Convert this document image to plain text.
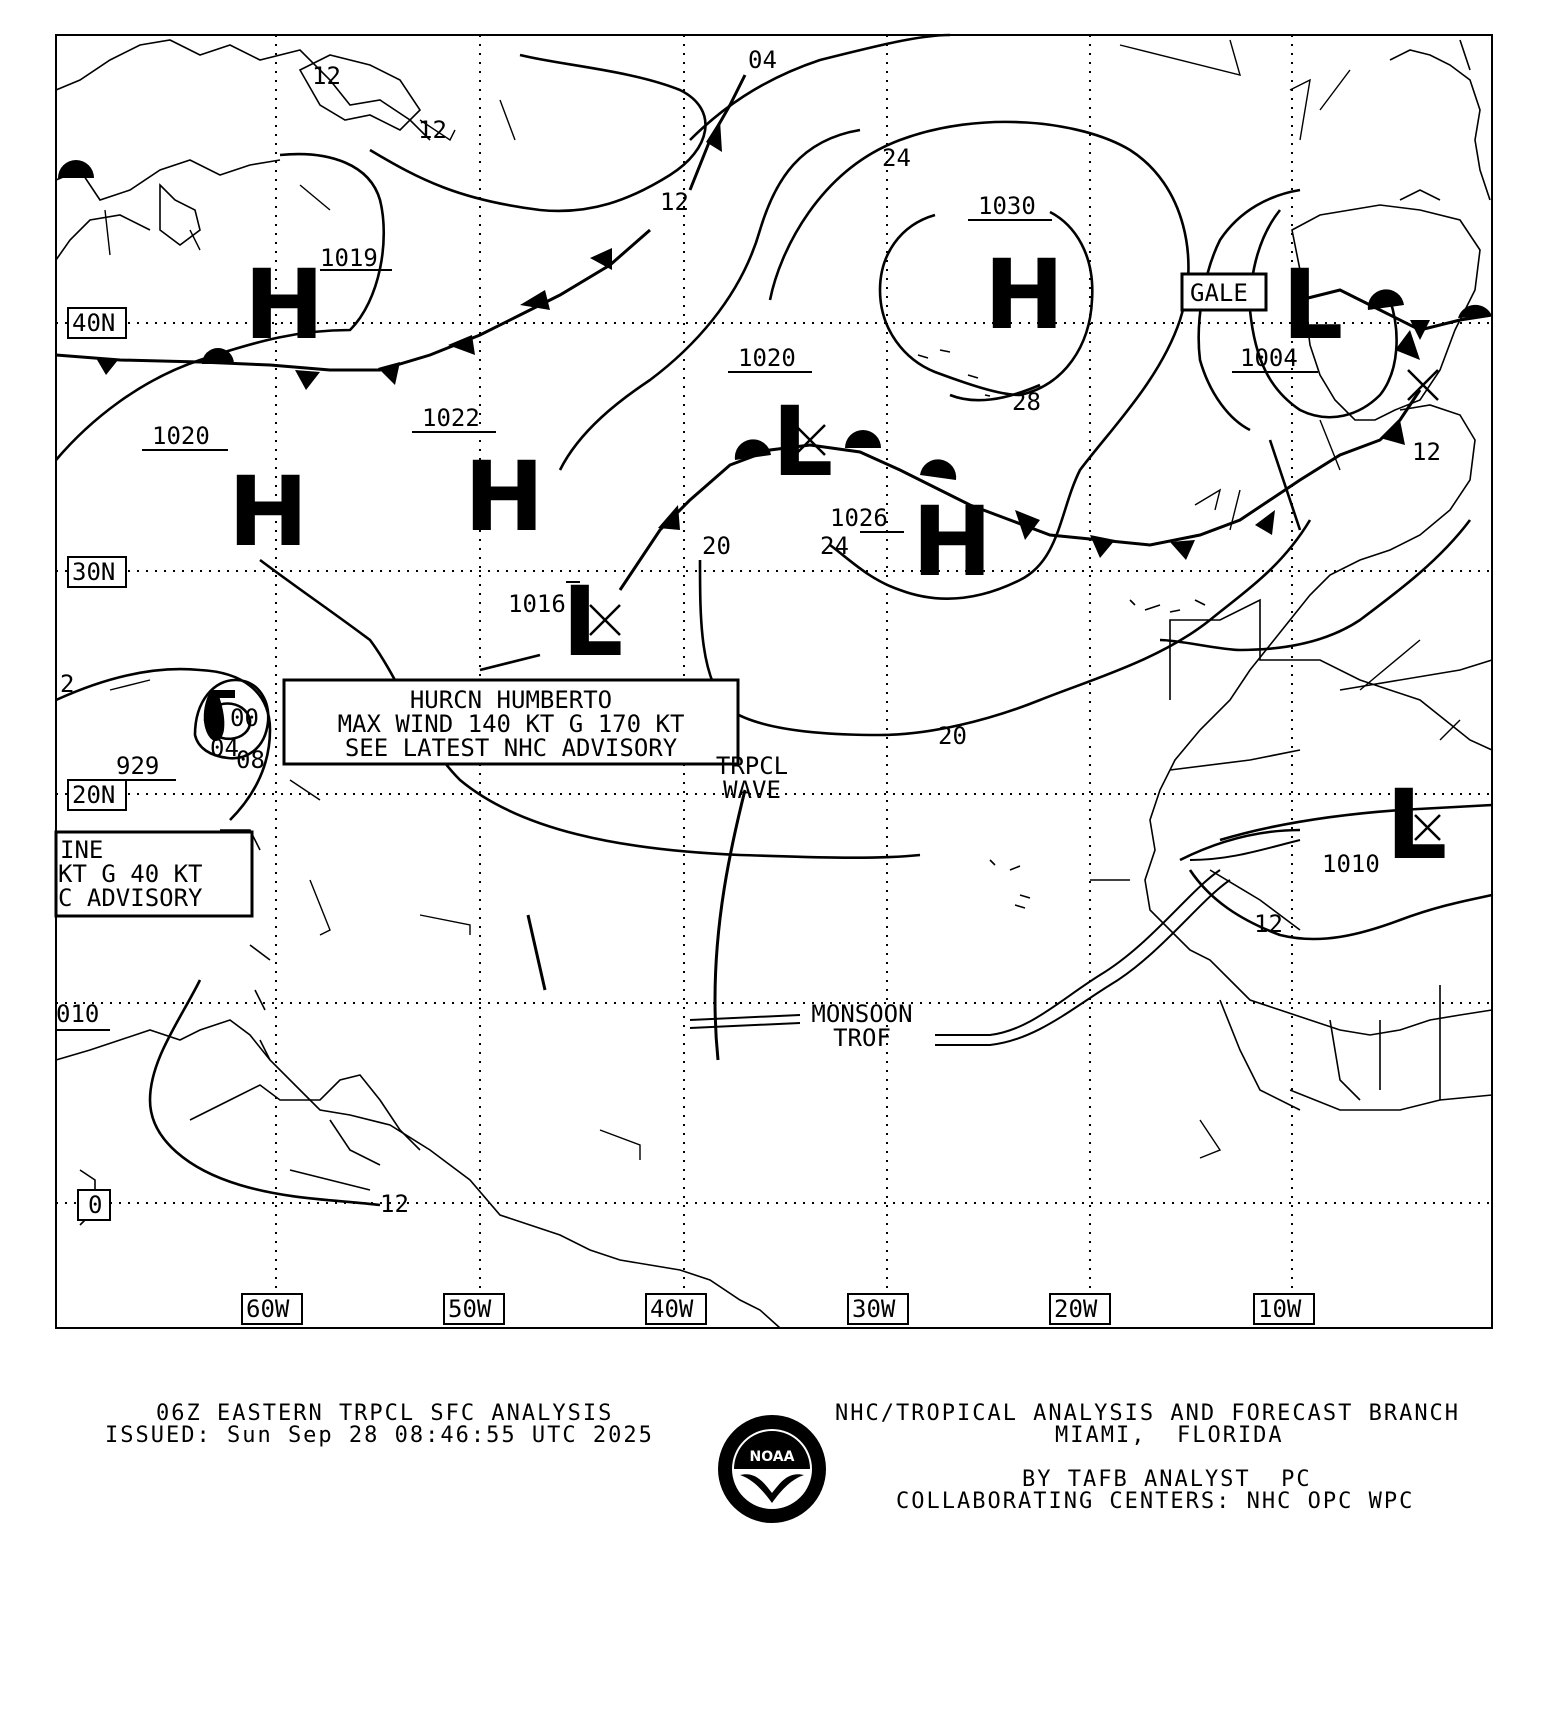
40N
30N
20N
0
60W	50W	40W	30W	20W	10W
H
1019
H
1020
H
1022	L
1020
H
1030
H
1026
L
1016
L
1004
L
1010
04
12
12
12
24
28
20	24
20
12
12
12
2
929
00
04
08
010
HURCN HUMBERTO
MAX WIND 140 KT G 170 KT
SEE LATEST NHC ADVISORY
INE
KT G 40 KT
C ADVISORY
GALE
TRPCL
WAVE
MONSOON
TROF
06Z EASTERN TRPCL SFC ANALYSIS
ISSUED: Sun Sep 28 08:46:55 UTC 2025
NHC/TROPICAL ANALYSIS AND FORECAST BRANCH
MIAMI,  FLORIDA
BY TAFB ANALYST  PC
COLLABORATING CENTERS: NHC OPC WPC
NOAA
